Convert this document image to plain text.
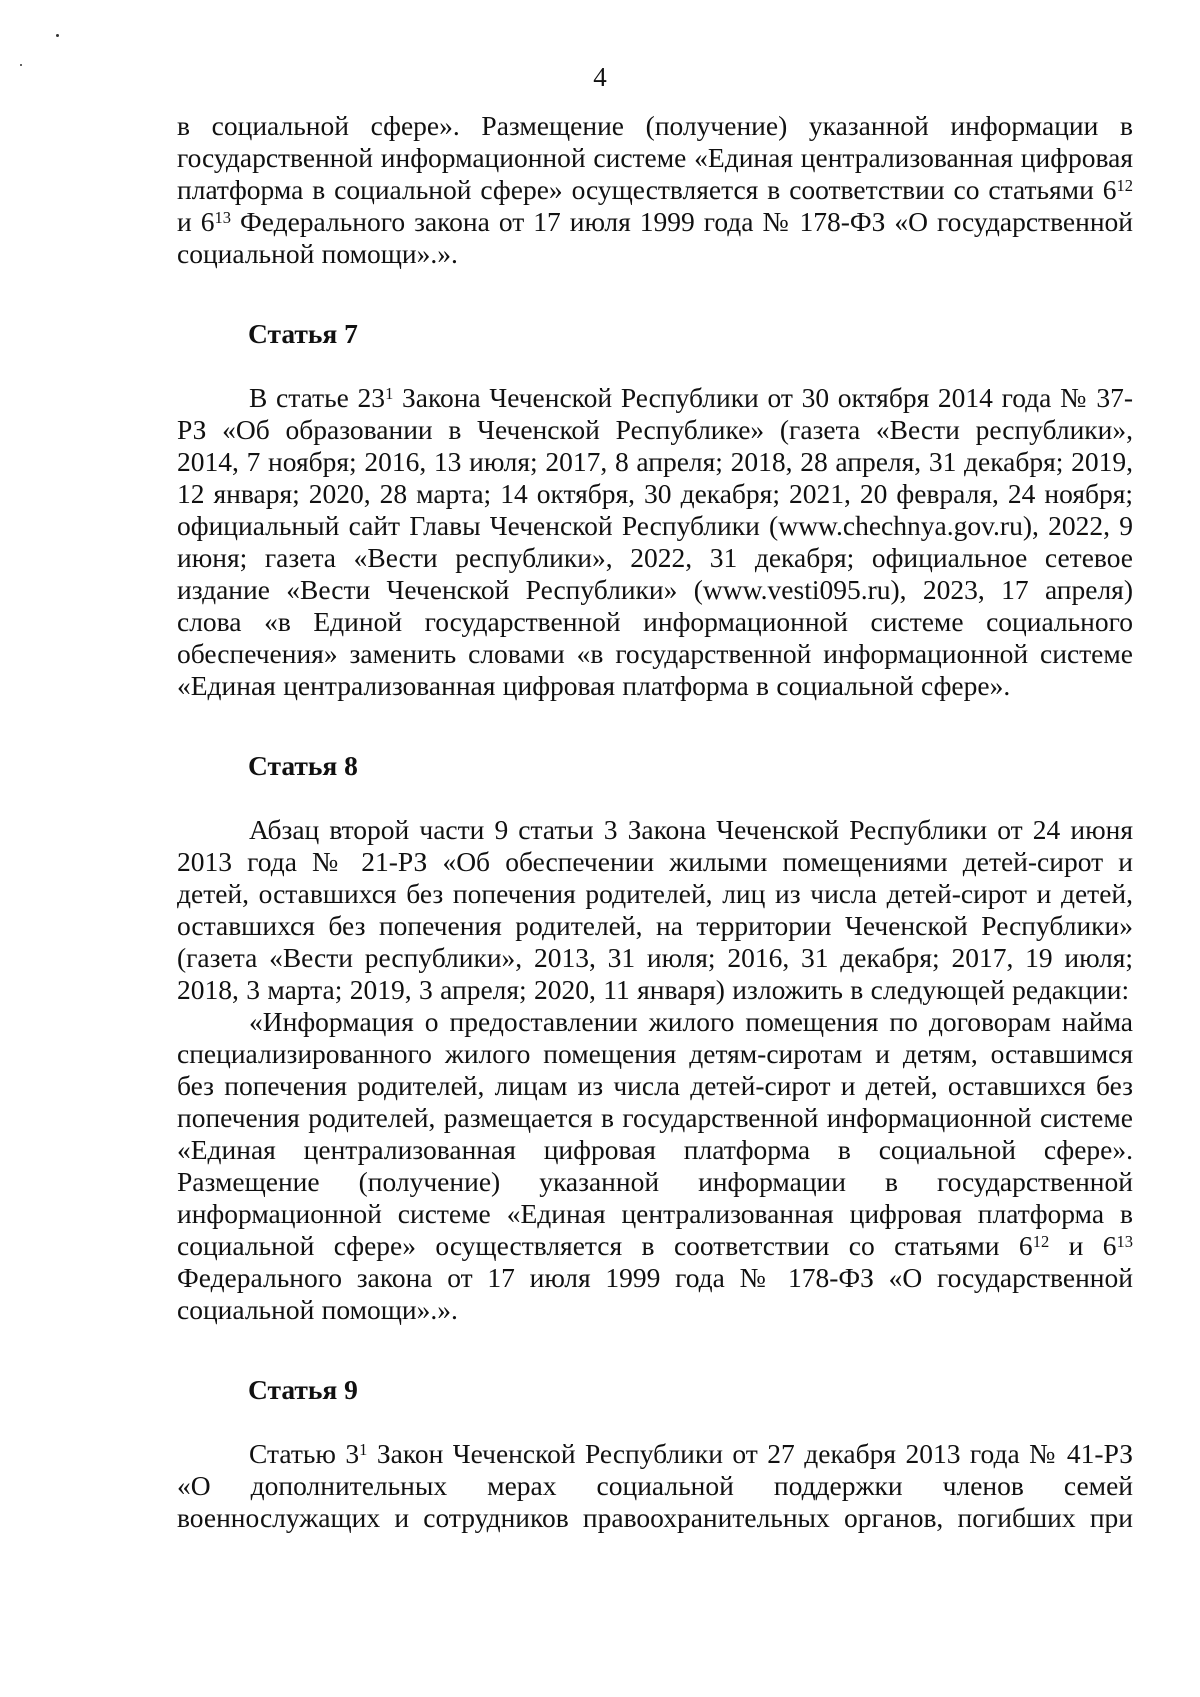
4

в социальной сфере». Размещение (получение) указанной информации в государственной информационной системе «Единая централизованная цифровая платформа в социальной сфере» осуществляется в соответствии со статьями $6^{12}$ и $6^{13}$ Федерального закона от 17 июля 1999 года № 178-ФЗ «О государственной социальной помощи».».

Статья 7

В статье $23^1$ Закона Чеченской Республики от 30 октября 2014 года № 37-РЗ «Об образовании в Чеченской Республике» (газета «Вести республики», 2014, 7 ноября; 2016, 13 июля; 2017, 8 апреля; 2018, 28 апреля, 31 декабря; 2019, 12 января; 2020, 28 марта; 14 октября, 30 декабря; 2021, 20 февраля, 24 ноября; официальный сайт Главы Чеченской Республики (www.chechnya.gov.ru), 2022, 9 июня; газета «Вести республики», 2022, 31 декабря; официальное сетевое издание «Вести Чеченской Республики» (www.vesti095.ru), 2023, 17 апреля) слова «в Единой государственной информационной системе социального обеспечения» заменить словами «в государственной информационной системе «Единая централизованная цифровая платформа в социальной сфере».

Статья 8

Абзац второй части 9 статьи 3 Закона Чеченской Республики от 24 июня 2013 года № 21-РЗ «Об обеспечении жилыми помещениями детей-сирот и детей, оставшихся без попечения родителей, лиц из числа детей-сирот и детей, оставшихся без попечения родителей, на территории Чеченской Республики» (газета «Вести республики», 2013, 31 июля; 2016, 31 декабря; 2017, 19 июля; 2018, 3 марта; 2019, 3 апреля; 2020, 11 января) изложить в следующей редакции:

«Информация о предоставлении жилого помещения по договорам найма специализированного жилого помещения детям-сиротам и детям, оставшимся без попечения родителей, лицам из числа детей-сирот и детей, оставшихся без попечения родителей, размещается в государственной информационной системе «Единая централизованная цифровая платформа в социальной сфере». Размещение (получение) указанной информации в государственной информационной системе «Единая централизованная цифровая платформа в социальной сфере» осуществляется в соответствии со статьями $6^{12}$ и $6^{13}$ Федерального закона от 17 июля 1999 года № 178-ФЗ «О государственной социальной помощи».».

Статья 9

Статью $3^1$ Закон Чеченской Республики от 27 декабря 2013 года № 41-РЗ «О дополнительных мерах социальной поддержки членов семей военнослужащих и сотрудников правоохранительных органов, погибших при
